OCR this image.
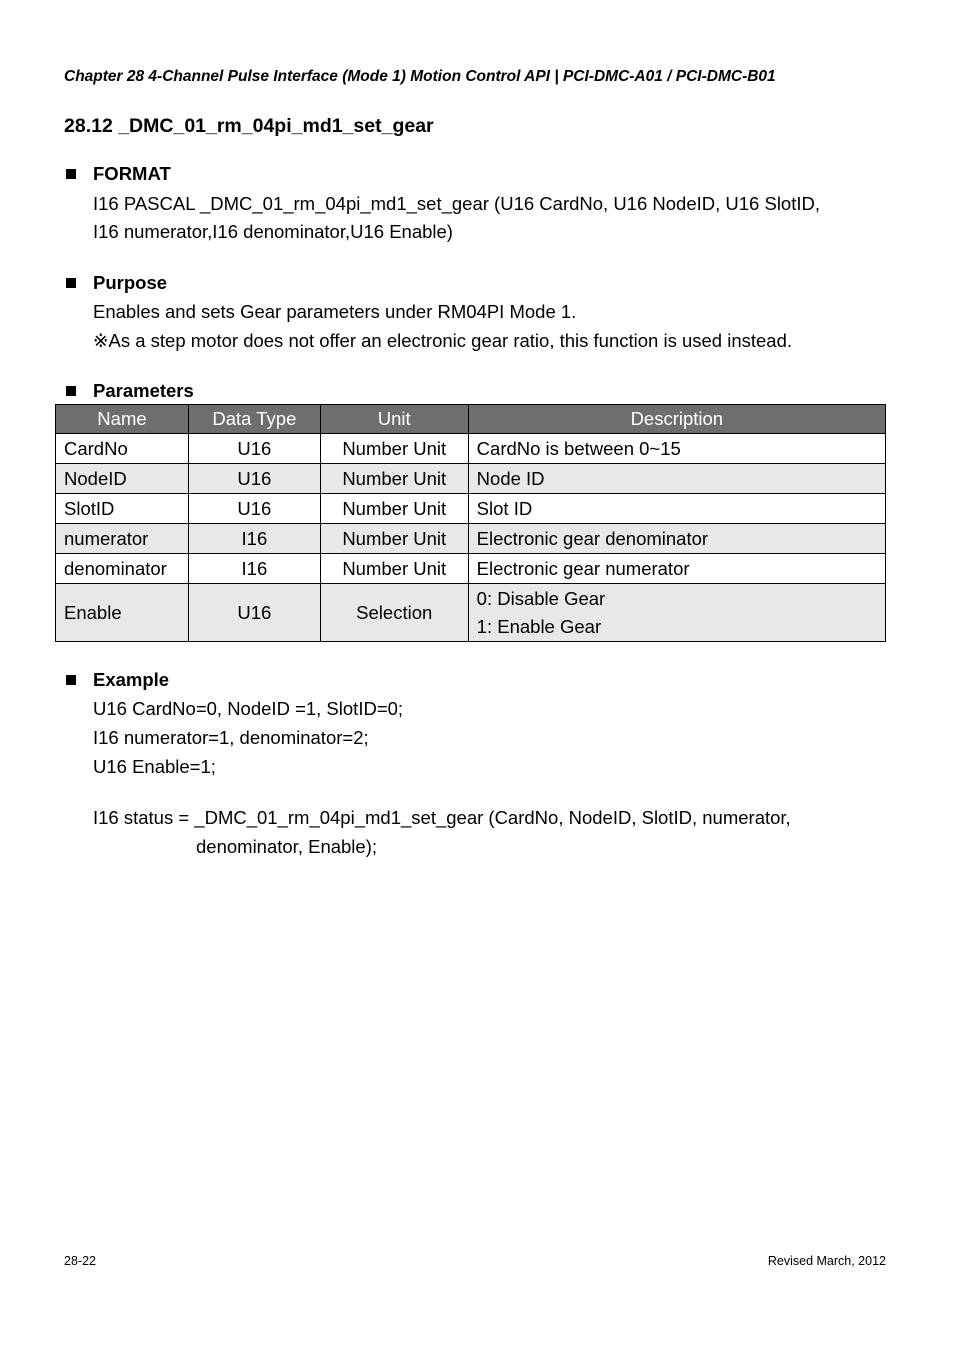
Chapter 28 4-Channel Pulse Interface (Mode 1) Motion Control API | PCI-DMC-A01 / PCI-DMC-B01
28.12 _DMC_01_rm_04pi_md1_set_gear
FORMAT
I16 PASCAL _DMC_01_rm_04pi_md1_set_gear (U16 CardNo, U16 NodeID, U16 SlotID,
I16 numerator,I16 denominator,U16 Enable)
Purpose
Enables and sets Gear parameters under RM04PI Mode 1.
※As a step motor does not offer an electronic gear ratio, this function is used instead.
Parameters
Name	Data Type	Unit	Description
CardNo	U16	Number Unit	CardNo is between 0~15
NodeID	U16	Number Unit	Node ID
SlotID	U16	Number Unit	Slot ID
numerator	I16	Number Unit	Electronic gear denominator
denominator	I16	Number Unit	Electronic gear numerator
Enable	U16	Selection	0: Disable Gear
1: Enable Gear
Example
U16 CardNo=0, NodeID =1, SlotID=0;
I16 numerator=1, denominator=2;
U16 Enable=1;
I16 status = _DMC_01_rm_04pi_md1_set_gear (CardNo, NodeID, SlotID, numerator,
denominator, Enable);
28-22	Revised March, 2012
